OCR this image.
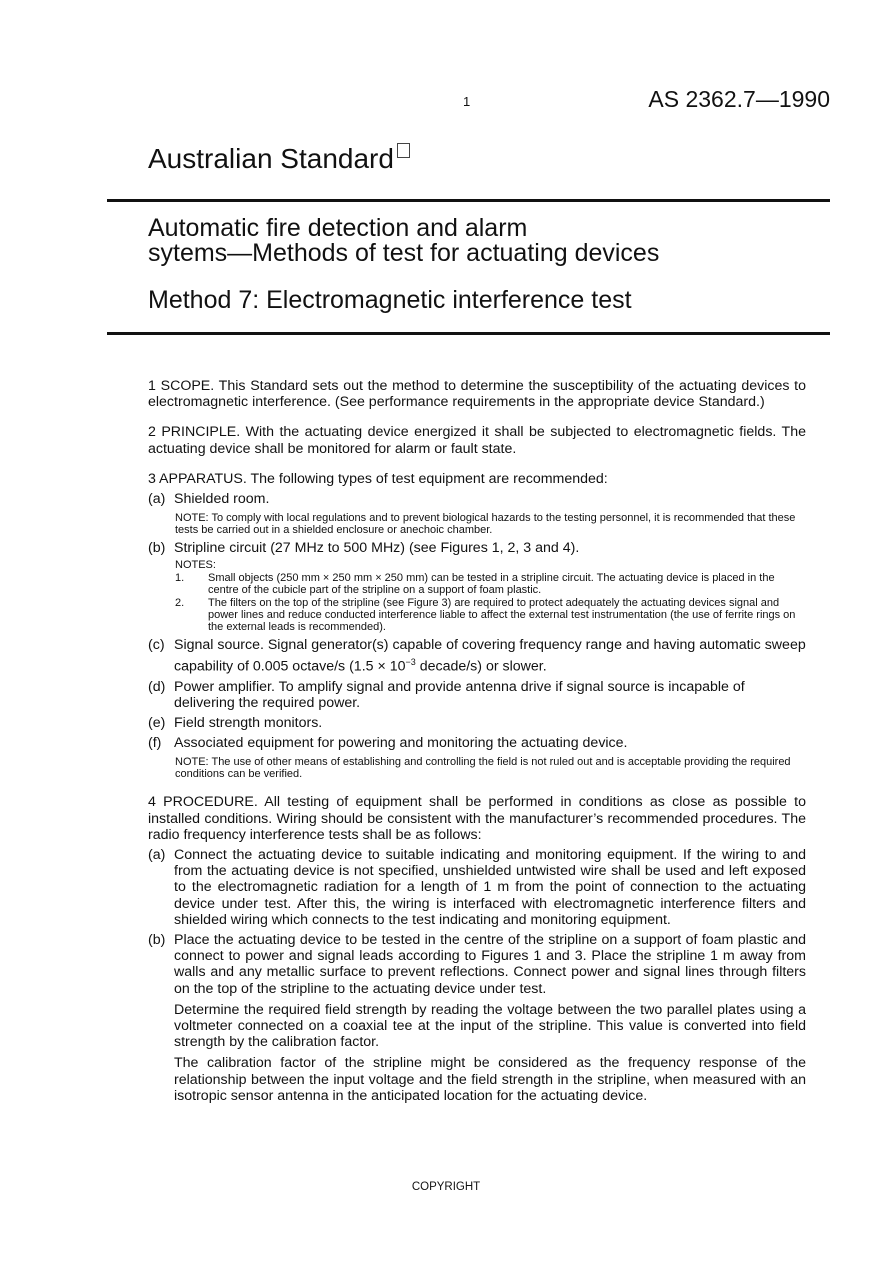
1	AS 2362.7—1990
Australian Standard
Automatic fire detection and alarm
sytems—Methods of test for actuating devices
Method 7: Electromagnetic interference test

1 SCOPE. This Standard sets out the method to determine the susceptibility of the actuating devices to electromagnetic interference. (See performance requirements in the appropriate device Standard.)

2 PRINCIPLE. With the actuating device energized it shall be subjected to electromagnetic fields. The actuating device shall be monitored for alarm or fault state.

3 APPARATUS. The following types of test equipment are recommended:

(a) Shielded room.
NOTE: To comply with local regulations and to prevent biological hazards to the testing personnel, it is recommended that these tests be carried out in a shielded enclosure or anechoic chamber.
(b) Stripline circuit (27 MHz to 500 MHz) (see Figures 1, 2, 3 and 4).
NOTES:
1. Small objects (250 mm × 250 mm × 250 mm) can be tested in a stripline circuit. The actuating device is placed in the centre of the cubicle part of the stripline on a support of foam plastic.
2. The filters on the top of the stripline (see Figure 3) are required to protect adequately the actuating devices signal and power lines and reduce conducted interference liable to affect the external test instrumentation (the use of ferrite rings on the external leads is recommended).
(c) Signal source. Signal generator(s) capable of covering frequency range and having automatic sweep capability of 0.005 octave/s ($1.5 \times 10^{-3}$ decade/s) or slower.
(d) Power amplifier. To amplify signal and provide antenna drive if signal source is incapable of delivering the required power.
(e) Field strength monitors.
(f) Associated equipment for powering and monitoring the actuating device.
NOTE: The use of other means of establishing and controlling the field is not ruled out and is acceptable providing the required conditions can be verified.

4 PROCEDURE. All testing of equipment shall be performed in conditions as close as possible to installed conditions. Wiring should be consistent with the manufacturer’s recommended procedures. The radio frequency interference tests shall be as follows:

(a) Connect the actuating device to suitable indicating and monitoring equipment. If the wiring to and from the actuating device is not specified, unshielded untwisted wire shall be used and left exposed to the electromagnetic radiation for a length of 1 m from the point of connection to the actuating device under test. After this, the wiring is interfaced with electromagnetic interference filters and shielded wiring which connects to the test indicating and monitoring equipment.

(b) Place the actuating device to be tested in the centre of the stripline on a support of foam plastic and connect to power and signal leads according to Figures 1 and 3. Place the stripline 1 m away from walls and any metallic surface to prevent reflections. Connect power and signal lines through filters on the top of the stripline to the actuating device under test.

Determine the required field strength by reading the voltage between the two parallel plates using a voltmeter connected on a coaxial tee at the input of the stripline. This value is converted into field strength by the calibration factor.

The calibration factor of the stripline might be considered as the frequency response of the relationship between the input voltage and the field strength in the stripline, when measured with an isotropic sensor antenna in the anticipated location for the actuating device.

COPYRIGHT
